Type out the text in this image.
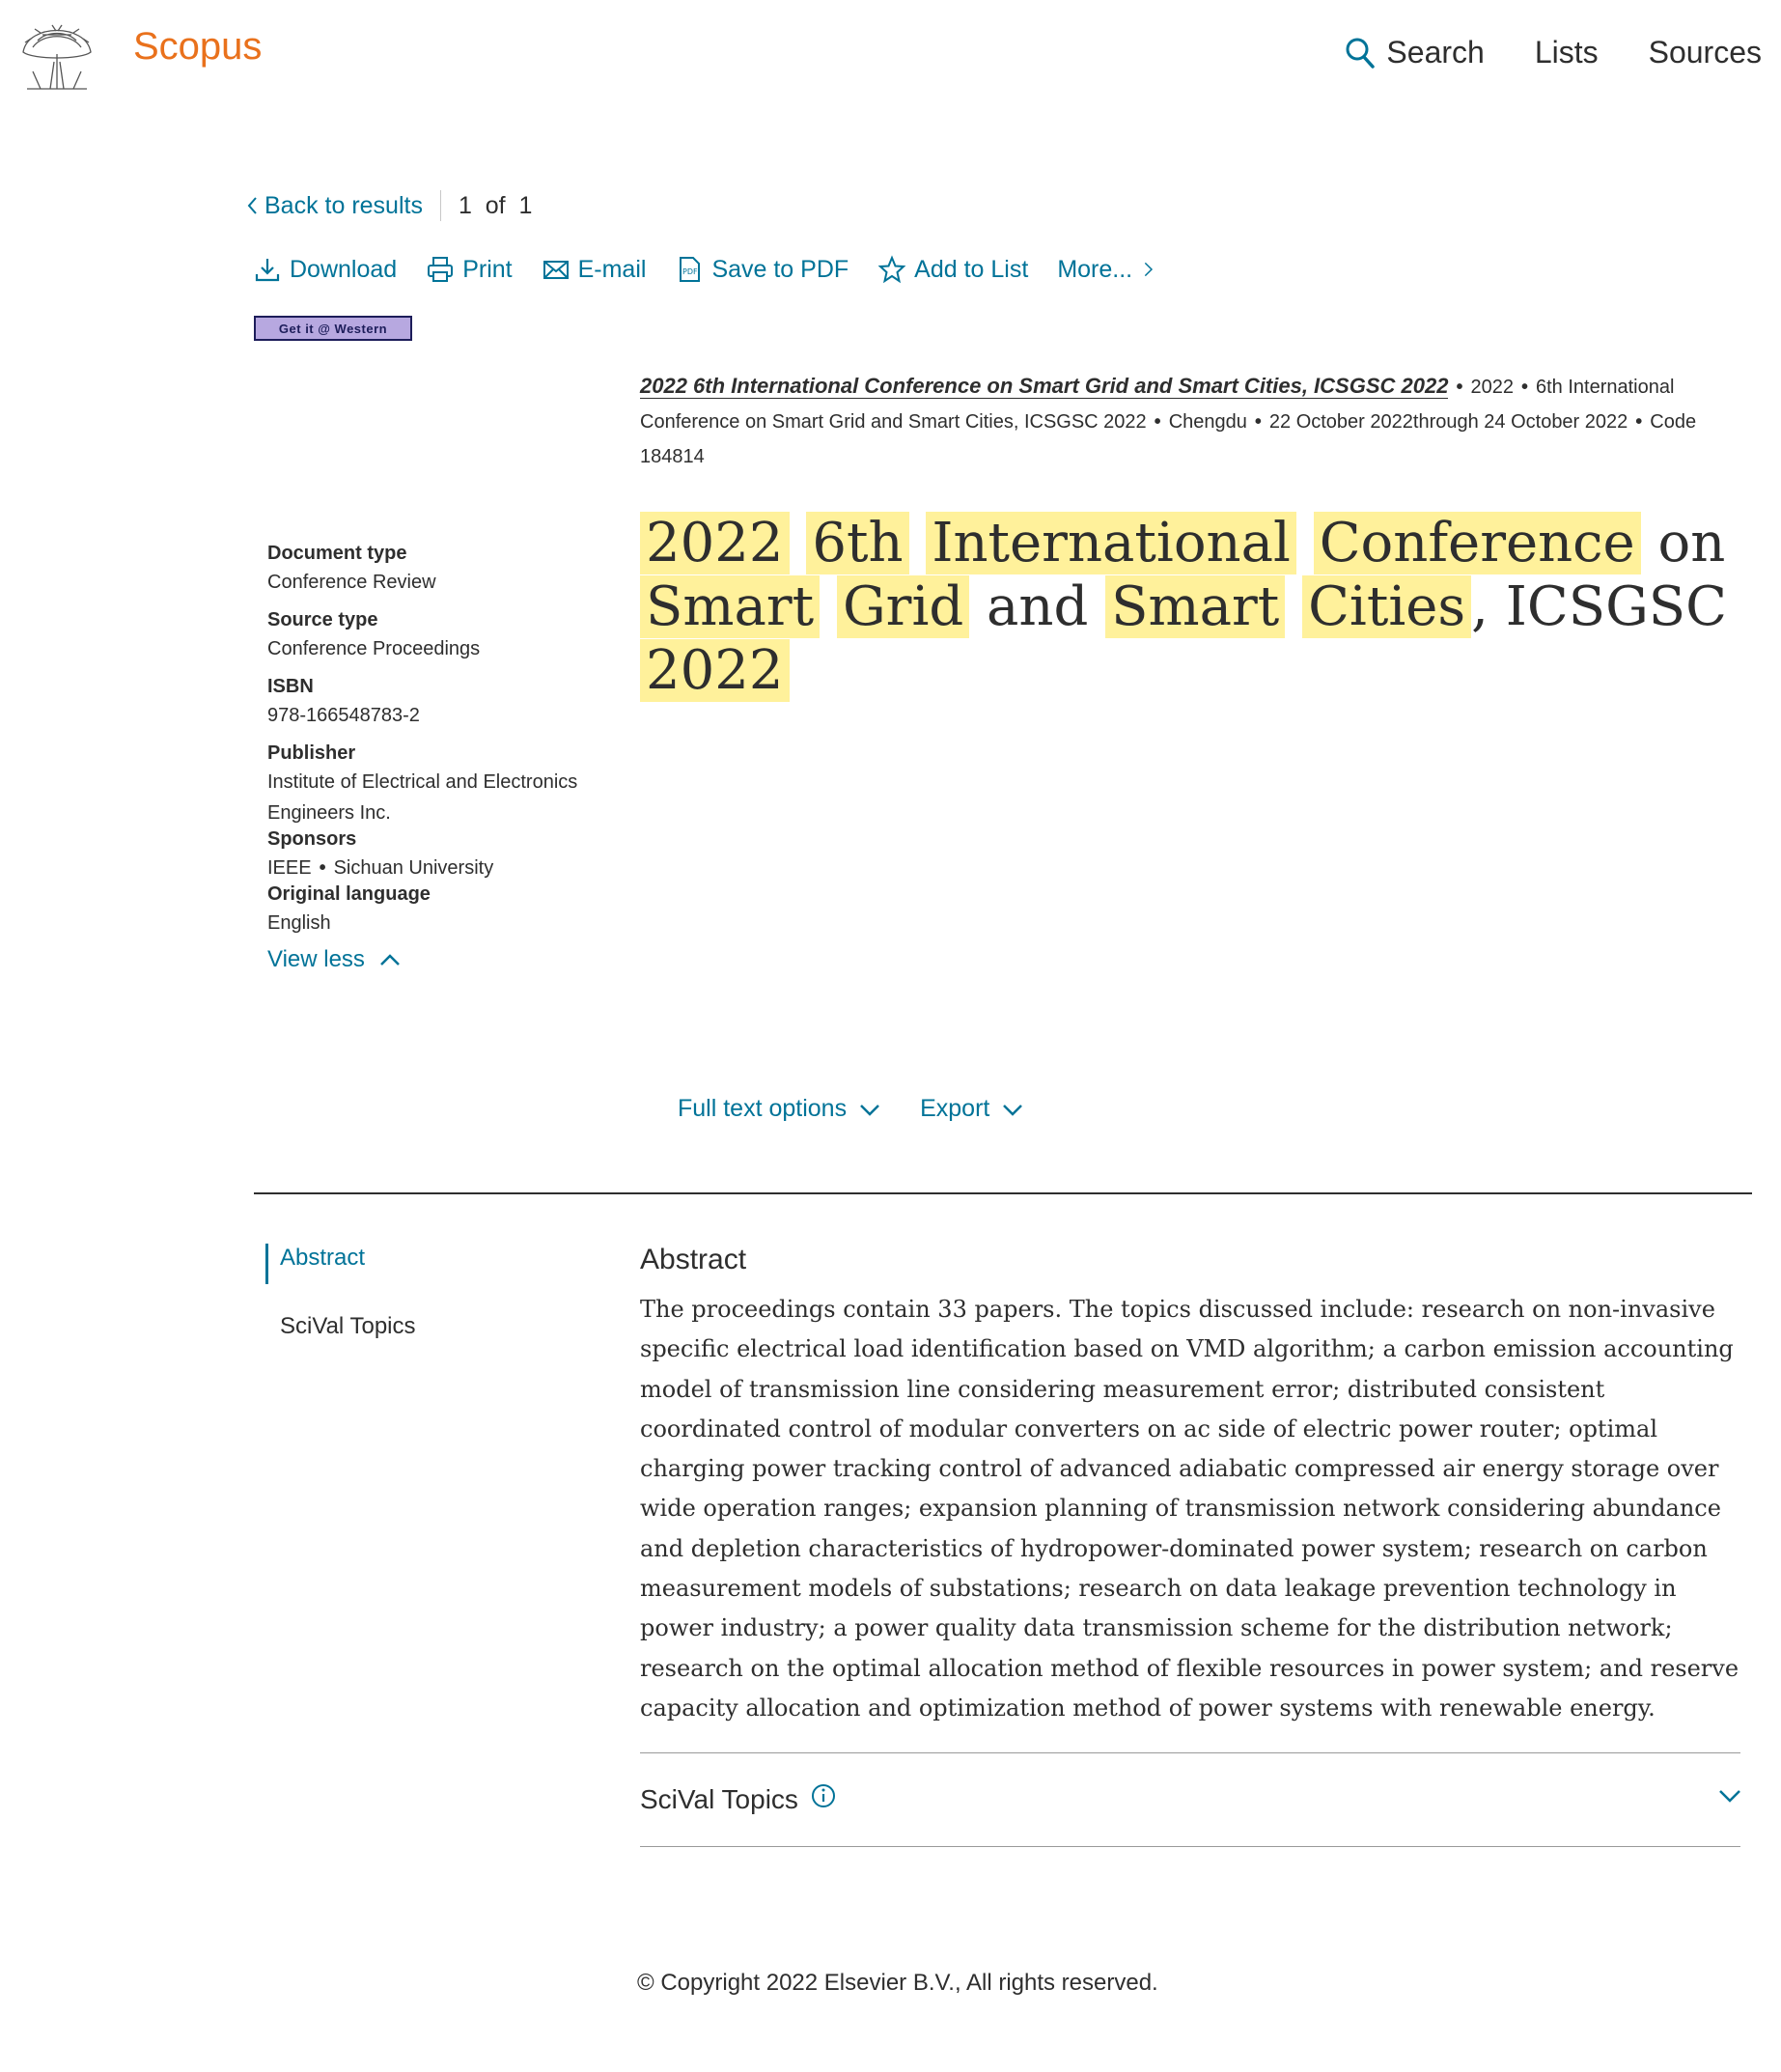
Scopus	Search Lists Sources
Back to results 1  of  1
Download	Print	E-mail	PDF Save to PDF	Add to List More...
Get it @ Western
2022 6th International Conference on Smart Grid and Smart Cities, ICSGSC 2022 • 2022 • 6th International Conference on Smart Grid and Smart Cities, ICSGSC 2022 • Chengdu • 22 October 2022through 24 October 2022 • Code 184814
Document type
Conference Review
Source type
Conference Proceedings
ISBN
978-166548783-2
Publisher
Institute of Electrical and Electronics Engineers Inc.
Sponsors
IEEE • Sichuan University
Original language
English
View less
2022 6th International Conference on Smart Grid and Smart Cities , ICSGSC 2022
Full text options	Export
Abstract
SciVal Topics
Abstract
The proceedings contain 33 papers. The topics discussed include: research on non-invasive specific electrical load identification based on VMD algorithm; a carbon emission accounting model of transmission line considering measurement error; distributed consistent coordinated control of modular converters on ac side of electric power router; optimal charging power tracking control of advanced adiabatic compressed air energy storage over wide operation ranges; expansion planning of transmission network considering abundance and depletion characteristics of hydropower-dominated power system; research on carbon measurement models of substations; research on data leakage prevention technology in power industry; a power quality data transmission scheme for the distribution network; research on the optimal allocation method of flexible resources in power system; and reserve capacity allocation and optimization method of power systems with renewable energy.
SciVal Topics
© Copyright 2022 Elsevier B.V., All rights reserved.
